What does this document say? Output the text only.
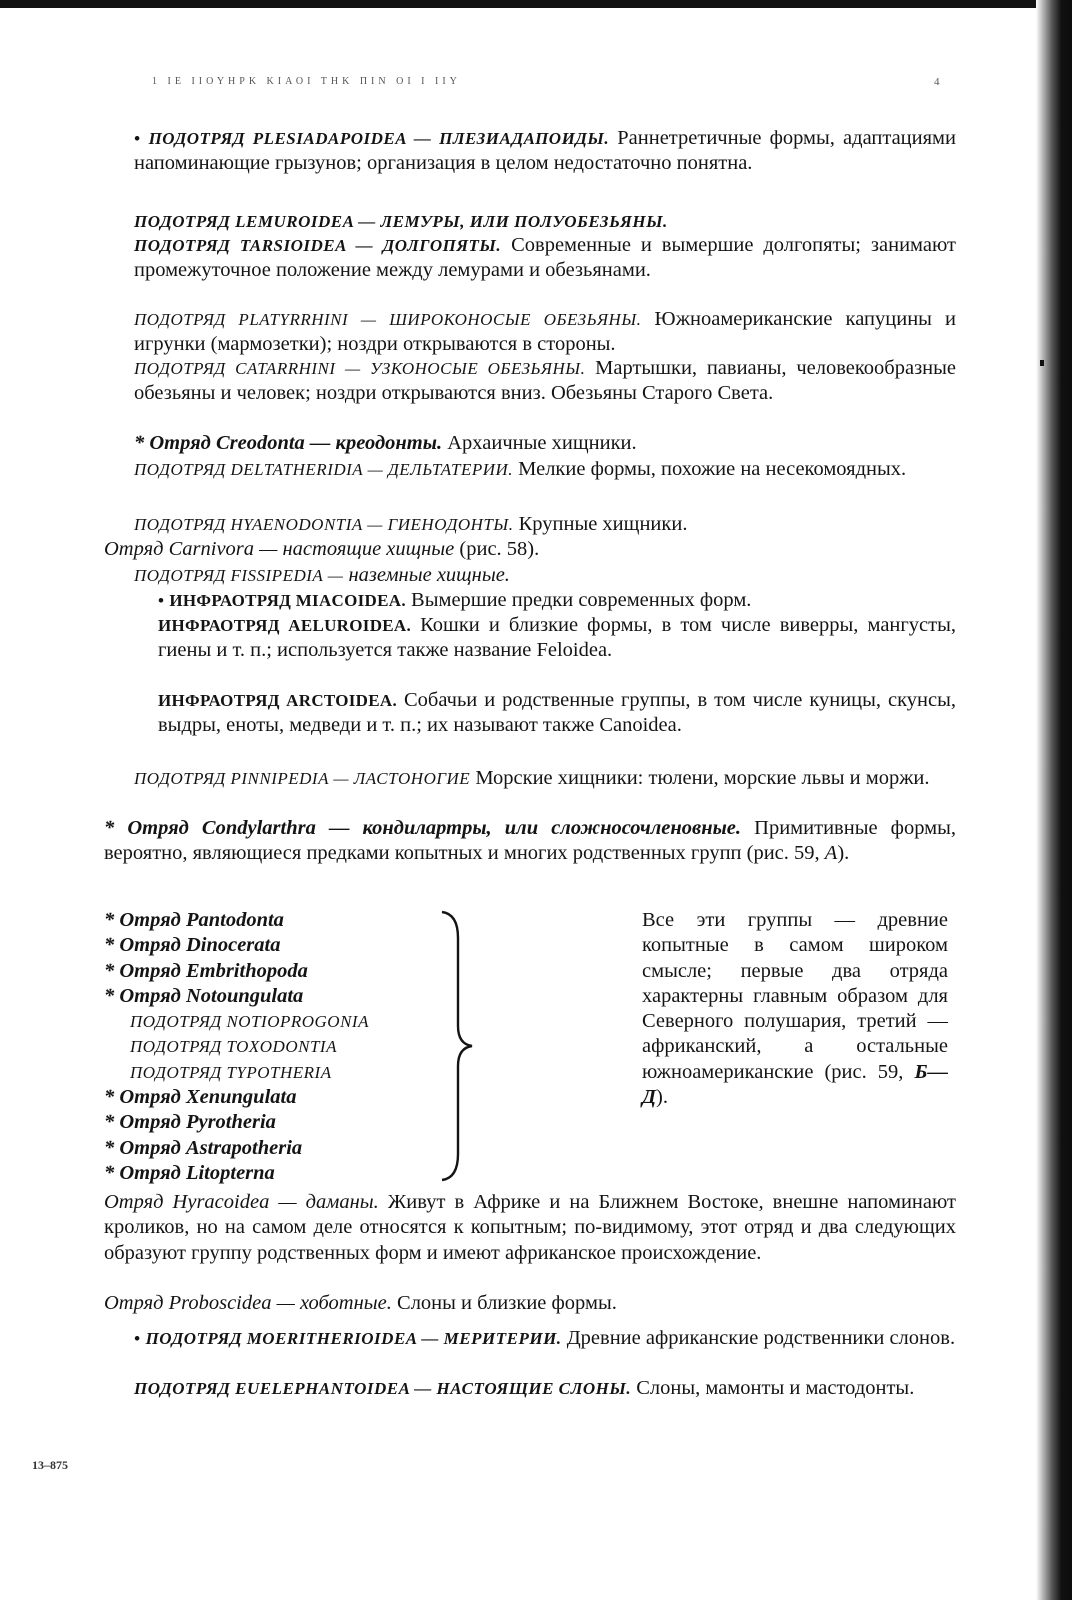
1 ΙΕ ΙΙΟΥΗΡΚ ΚΙΑΟΙ ΤΗΚ ΠΙΝ ΟΙ Ι ΙΙΥ	4
• ПОДОТРЯД PLESIADAPOIDEA — ПЛЕЗИАДАПОИДЫ. Раннетретичные формы, адаптациями напоминающие грызунов; организация в целом недостаточно понятна.
ПОДОТРЯД LEMUROIDEA — ЛЕМУРЫ, ИЛИ ПОЛУОБЕЗЬЯНЫ.
ПОДОТРЯД TARSIOIDEA — ДОЛГОПЯТЫ. Современные и вымершие долгопяты; занимают промежуточное положение между лемурами и обезьянами.
ПОДОТРЯД PLATYRRHINI — ШИРОКОНОСЫЕ ОБЕЗЬЯНЫ. Южноамериканские капуцины и игрунки (мармозетки); ноздри открываются в стороны.
ПОДОТРЯД CATARRHINI — УЗКОНОСЫЕ ОБЕЗЬЯНЫ. Мартышки, павианы, человекообразные обезьяны и человек; ноздри открываются вниз. Обезьяны Старого Света.
* Отряд Creodonta — креодонты. Архаичные хищники.
ПОДОТРЯД DELTATHERIDIA — ДЕЛЬТАТЕРИИ. Мелкие формы, похожие на несекомоядных.
ПОДОТРЯД HYAENODONTIA — ГИЕНОДОНТЫ. Крупные хищники.
Отряд Carnivora — настоящие хищные (рис. 58).
ПОДОТРЯД FISSIPEDIA — наземные хищные.
• ИНФРАОТРЯД MIACOIDEA. Вымершие предки современных форм.
ИНФРАОТРЯД AELUROIDEA. Кошки и близкие формы, в том числе виверры, мангусты, гиены и т. п.; используется также название Feloidea.
ИНФРАОТРЯД ARCTOIDEA. Собачьи и родственные группы, в том числе куницы, скунсы, выдры, еноты, медведи и т. п.; их называют также Canoidea.
ПОДОТРЯД PINNIPEDIA — ЛАСТОНОГИЕ Морские хищники: тюлени, морские львы и моржи.
* Отряд Condylarthra — кондилартры, или сложносочленовные. Примитивные формы, вероятно, являющиеся предками копытных и многих родственных групп (рис. 59, А).
* Отряд Pantodonta
* Отряд Dinocerata
* Отряд Embrithopoda
* Отряд Notoungulata
ПОДОТРЯД NOTIOPROGONIA
ПОДОТРЯД TOXODONTIA
ПОДОТРЯД TYPOTHERIA
* Отряд Xenungulata
* Отряд Pyrotheria
* Отряд Astrapotheria
* Отряд Litopterna
Все эти группы — древние копытные в самом широком смысле; первые два отряда характерны главным образом для Северного полушария, третий — африканский, а остальные южноамериканские (рис. 59, Б—Д).
Отряд Hyracoidea — даманы. Живут в Африке и на Ближнем Востоке, внешне напоминают кроликов, но на самом деле относятся к копытным; по-видимому, этот отряд и два следующих образуют группу родственных форм и имеют африканское происхождение.
Отряд Proboscidea — хоботные. Слоны и близкие формы.
• ПОДОТРЯД MOERITHERIOIDEA — МЕРИТЕРИИ. Древние африканские родственники слонов.
ПОДОТРЯД EUELEPHANTOIDEA — НАСТОЯЩИЕ СЛОНЫ. Слоны, мамонты и мастодонты.
13–875
